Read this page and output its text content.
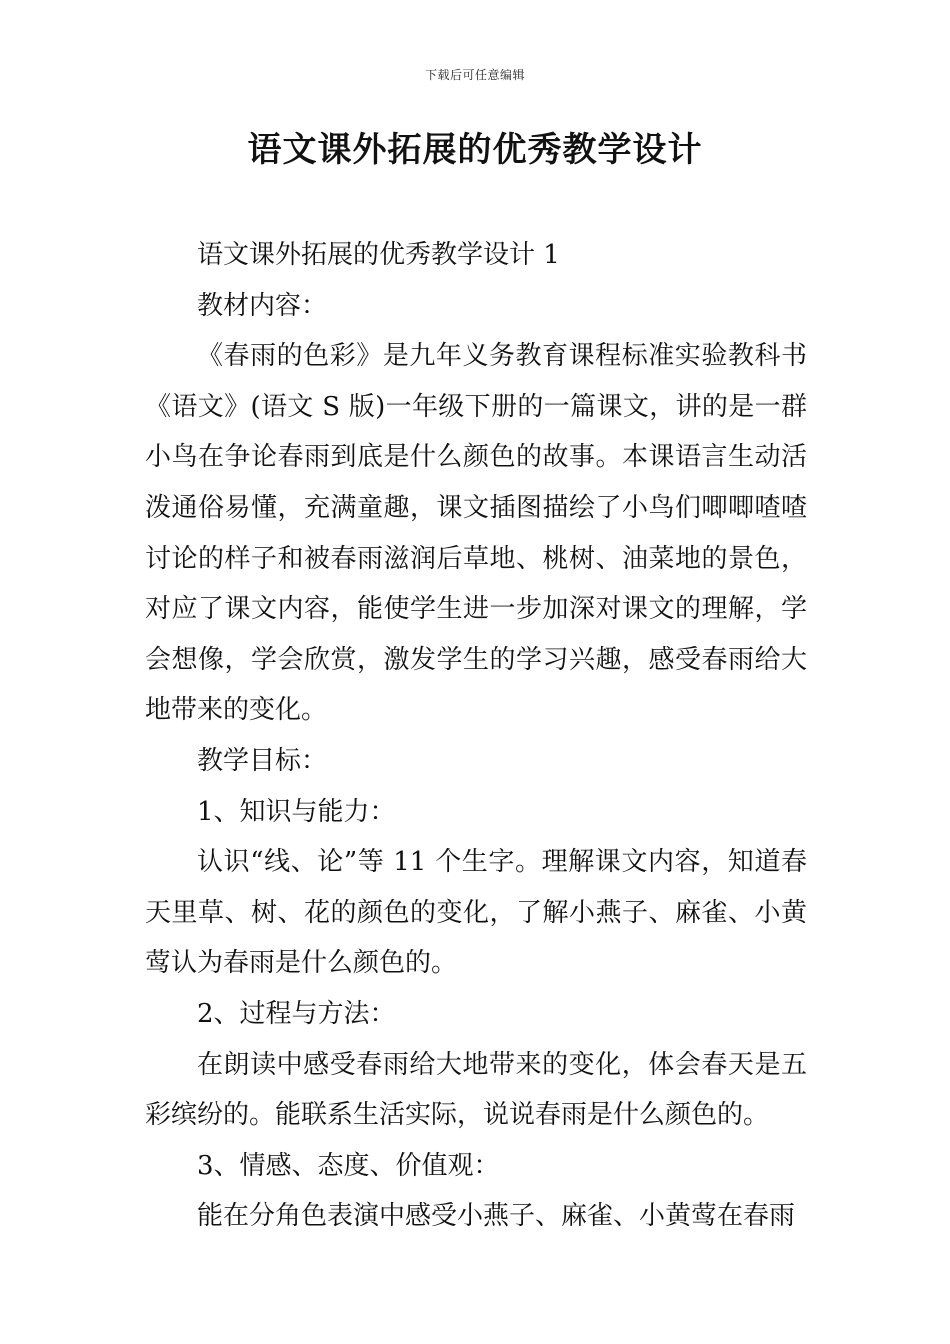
下载后可任意编辑
语文课外拓展的优秀教学设计

语文课外拓展的优秀教学设计 1

教材内容：

《春雨的色彩》是九年义务教育课程标准实验教科书《语文》(语文 S 版)一年级下册的一篇课文，讲的是一群小鸟在争论春雨到底是什么颜色的故事。本课语言生动活泼通俗易懂，充满童趣，课文插图描绘了小鸟们唧唧喳喳讨论的样子和被春雨滋润后草地、桃树、油菜地的景色，对应了课文内容，能使学生进一步加深对课文的理解，学会想像，学会欣赏，激发学生的学习兴趣，感受春雨给大地带来的变化。

教学目标：

1、知识与能力：

认识“线、论”等 11 个生字。理解课文内容，知道春天里草、树、花的颜色的变化，了解小燕子、麻雀、小黄莺认为春雨是什么颜色的。

2、过程与方法：

在朗读中感受春雨给大地带来的变化，体会春天是五彩缤纷的。能联系生活实际，说说春雨是什么颜色的。

3、情感、态度、价值观：

能在分角色表演中感受小燕子、麻雀、小黄莺在春雨
